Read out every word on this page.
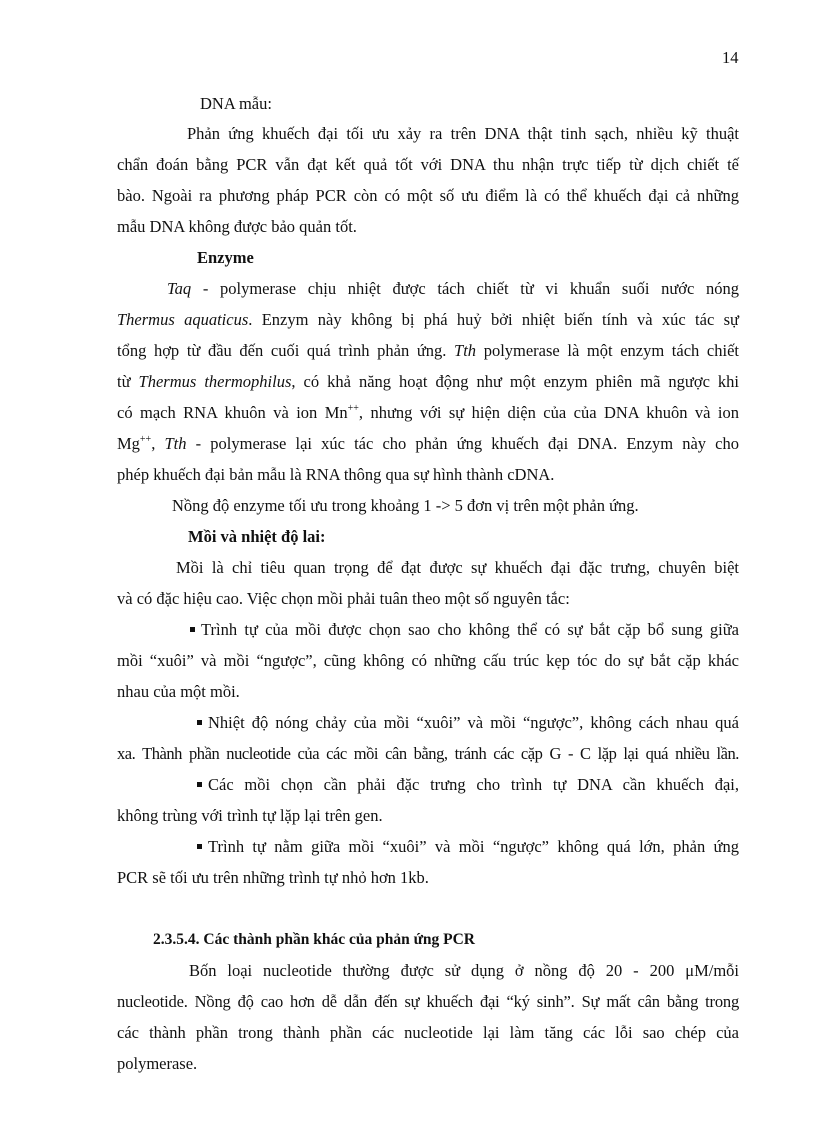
14
DNA mẫu:
Phản ứng khuếch đại tối ưu xảy ra trên DNA thật tinh sạch, nhiều kỹ thuật
chẩn đoán bằng PCR vẫn đạt kết quả tốt với DNA thu nhận trực tiếp từ dịch chiết tế
bào. Ngoài ra phương pháp PCR còn có một số ưu điểm là có thể khuếch đại cả những
mẫu DNA không được bảo quản tốt.
Enzyme
Taq - polymerase chịu nhiệt được tách chiết từ vi khuẩn suối nước nóng
Thermus aquaticus. Enzym này không bị phá huỷ bởi nhiệt biến tính và xúc tác sự
tổng hợp từ đầu đến cuối quá trình phản ứng. Tth polymerase là một enzym tách chiết
từ Thermus thermophilus, có khả năng hoạt động như một enzym phiên mã ngược khi
có mạch RNA khuôn và ion Mn++, nhưng với sự hiện diện của của DNA khuôn và ion
Mg++, Tth - polymerase lại xúc tác cho phản ứng khuếch đại DNA. Enzym này cho
phép khuếch đại bản mẫu là RNA thông qua sự hình thành cDNA.
Nồng độ enzyme tối ưu trong khoảng 1 -> 5 đơn vị trên một phản ứng.
Mồi và nhiệt độ lai:
Mồi là chỉ tiêu quan trọng để đạt được sự khuếch đại đặc trưng, chuyên biệt
và có đặc hiệu cao. Việc chọn mồi phải tuân theo một số nguyên tắc:
Trình tự của mồi được chọn sao cho không thể có sự bắt cặp bổ sung giữa
mồi “xuôi” và mồi “ngược”, cũng không có những cấu trúc kẹp tóc do sự bắt cặp khác
nhau của một mồi.
Nhiệt độ nóng chảy của mồi “xuôi” và mồi “ngược”, không cách nhau quá
xa. Thành phần nucleotide của các mồi cân bằng, tránh các cặp G - C lặp lại quá nhiều lần.
Các mồi chọn cần phải đặc trưng cho trình tự DNA cần khuếch đại,
không trùng với trình tự lặp lại trên gen.
Trình tự nằm giữa mồi “xuôi” và mồi “ngược” không quá lớn, phản ứng
PCR sẽ tối ưu trên những trình tự nhỏ hơn 1kb.
2.3.5.4. Các thành phần khác của phản ứng PCR
Bốn loại nucleotide thường được sử dụng ở nồng độ 20 - 200 μM/mỗi
nucleotide. Nồng độ cao hơn dễ dẫn đến sự khuếch đại “ký sinh”. Sự mất cân bằng trong
các thành phần trong thành phần các nucleotide lại làm tăng các lỗi sao chép của
polymerase.
